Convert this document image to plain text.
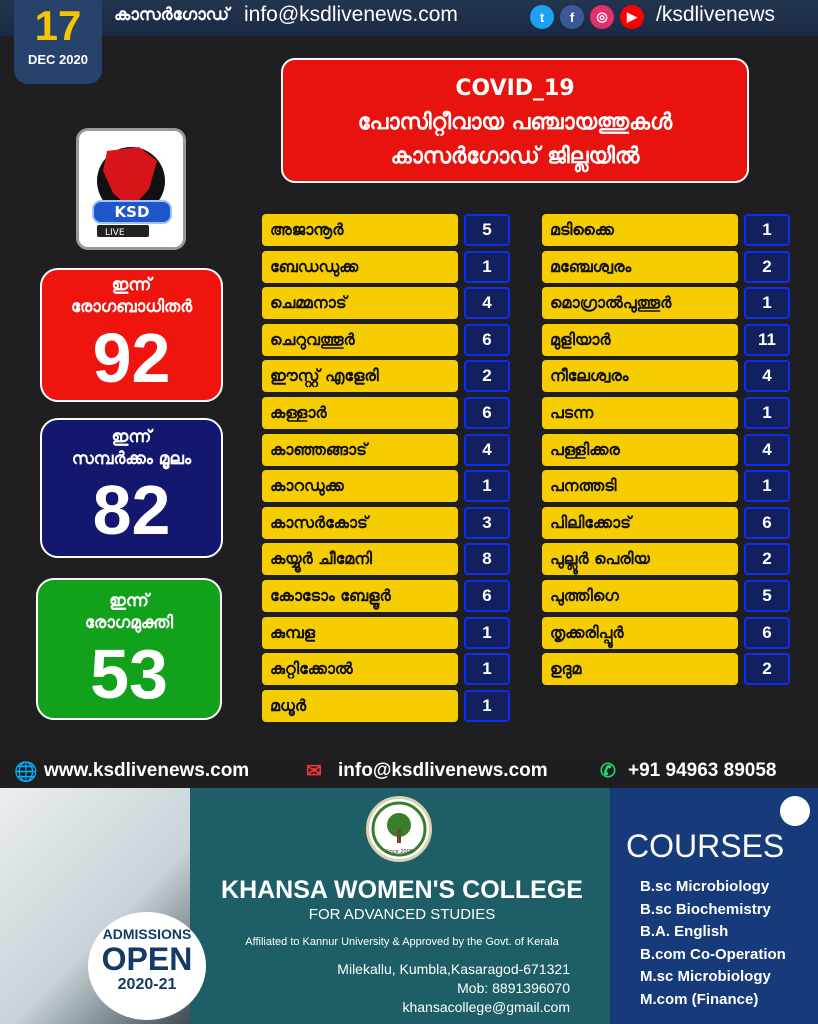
കാസർഗോഡ് info@ksdlivenews.com	t	f	◎	▶ /ksdlivenews
17
DEC 2020
COVID_19
പോസിറ്റീവായ പഞ്ചായത്തുകൾ
കാസർഗോഡ് ജില്ലയിൽ
KSD
LIVE
ഇന്ന്
രോഗബാധിതർ
92
ഇന്ന്
സമ്പർക്കം മൂലം
82
ഇന്ന്
രോഗമുക്തി
53
അജാനൂർ	5
ബേഡഡുക്ക	1
ചെമ്മനാട്	4
ചെറുവത്തൂർ	6
ഈസ്റ്റ് എളേരി	2
കള്ളാർ	6
കാഞ്ഞങ്ങാട്	4
കാറഡുക്ക	1
കാസർകോട്	3
കയ്യൂർ ചീമേനി	8
കോടോം ബേളൂർ	6
കുമ്പള	1
കുറ്റിക്കോൽ	1
മധൂർ	1
മടിക്കൈ	1
മഞ്ചേശ്വരം	2
മൊഗ്രാൽപുത്തൂർ	1
മുളിയാർ	11
നീലേശ്വരം	4
പടന്ന	1
പള്ളിക്കര	4
പനത്തടി	1
പിലിക്കോട്	6
പുല്ലൂർ പെരിയ	2
പുത്തിഗെ	5
തൃക്കരിപ്പൂർ	6
ഉദുമ	2
🌐 www.ksdlivenews.com	✉ info@ksdlivenews.com	✆ +91 94963 89058
Since 2005
KHANSA WOMEN'S COLLEGE
FOR ADVANCED STUDIES
Affiliated to Kannur University & Approved by the Govt. of Kerala
Milekallu, Kumbla,Kasaragod-671321
Mob: 8891396070
khansacollege@gmail.com
ADMISSIONS
OPEN
2020-21
COURSES
B.sc Microbiology
B.sc Biochemistry
B.A. English
B.com Co-Operation
M.sc Microbiology
M.com (Finance)
